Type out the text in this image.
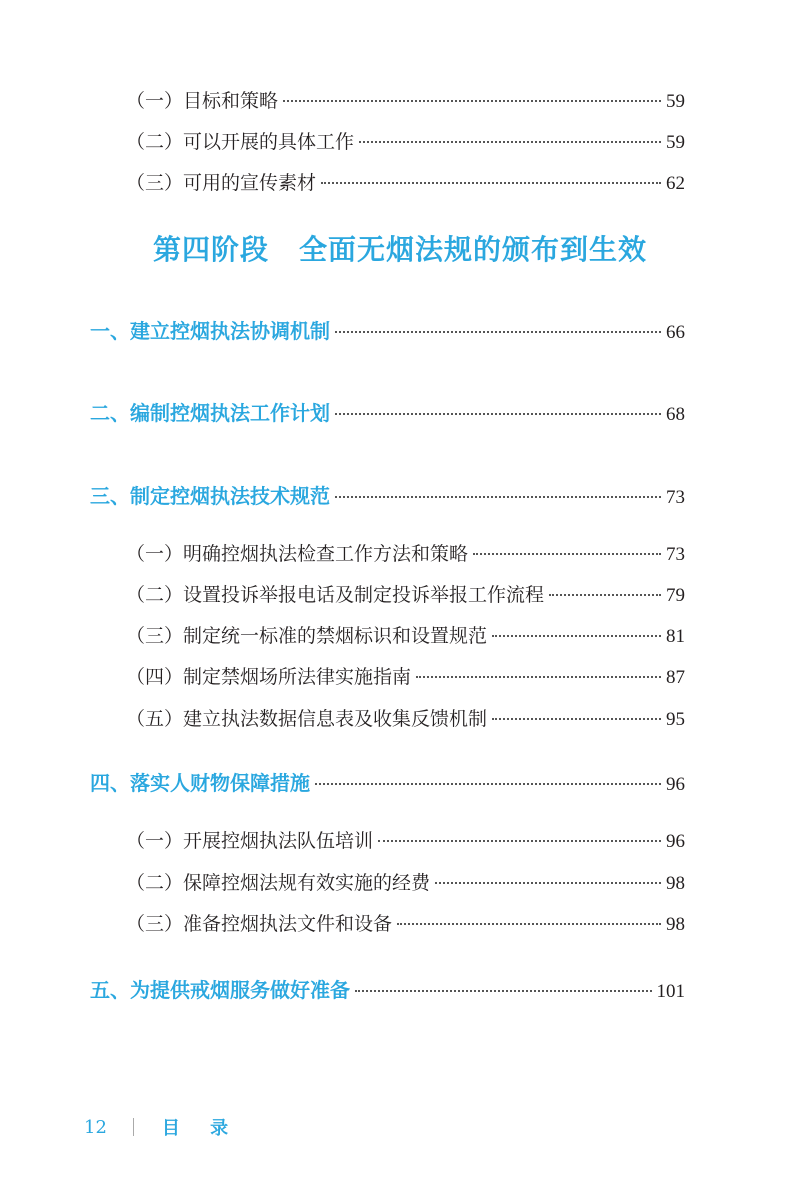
（一）目标和策略	59
（二）可以开展的具体工作	59
（三）可用的宣传素材	62
第四阶段 全面无烟法规的颁布到生效
一、建立控烟执法协调机制	66
二、编制控烟执法工作计划	68
三、制定控烟执法技术规范	73
（一）明确控烟执法检查工作方法和策略	73
（二）设置投诉举报电话及制定投诉举报工作流程	79
（三）制定统一标准的禁烟标识和设置规范	81
（四）制定禁烟场所法律实施指南	87
（五）建立执法数据信息表及收集反馈机制	95
四、落实人财物保障措施	96
（一）开展控烟执法队伍培训	96
（二）保障控烟法规有效实施的经费	98
（三）准备控烟执法文件和设备	98
五、为提供戒烟服务做好准备	101
12	目 录
